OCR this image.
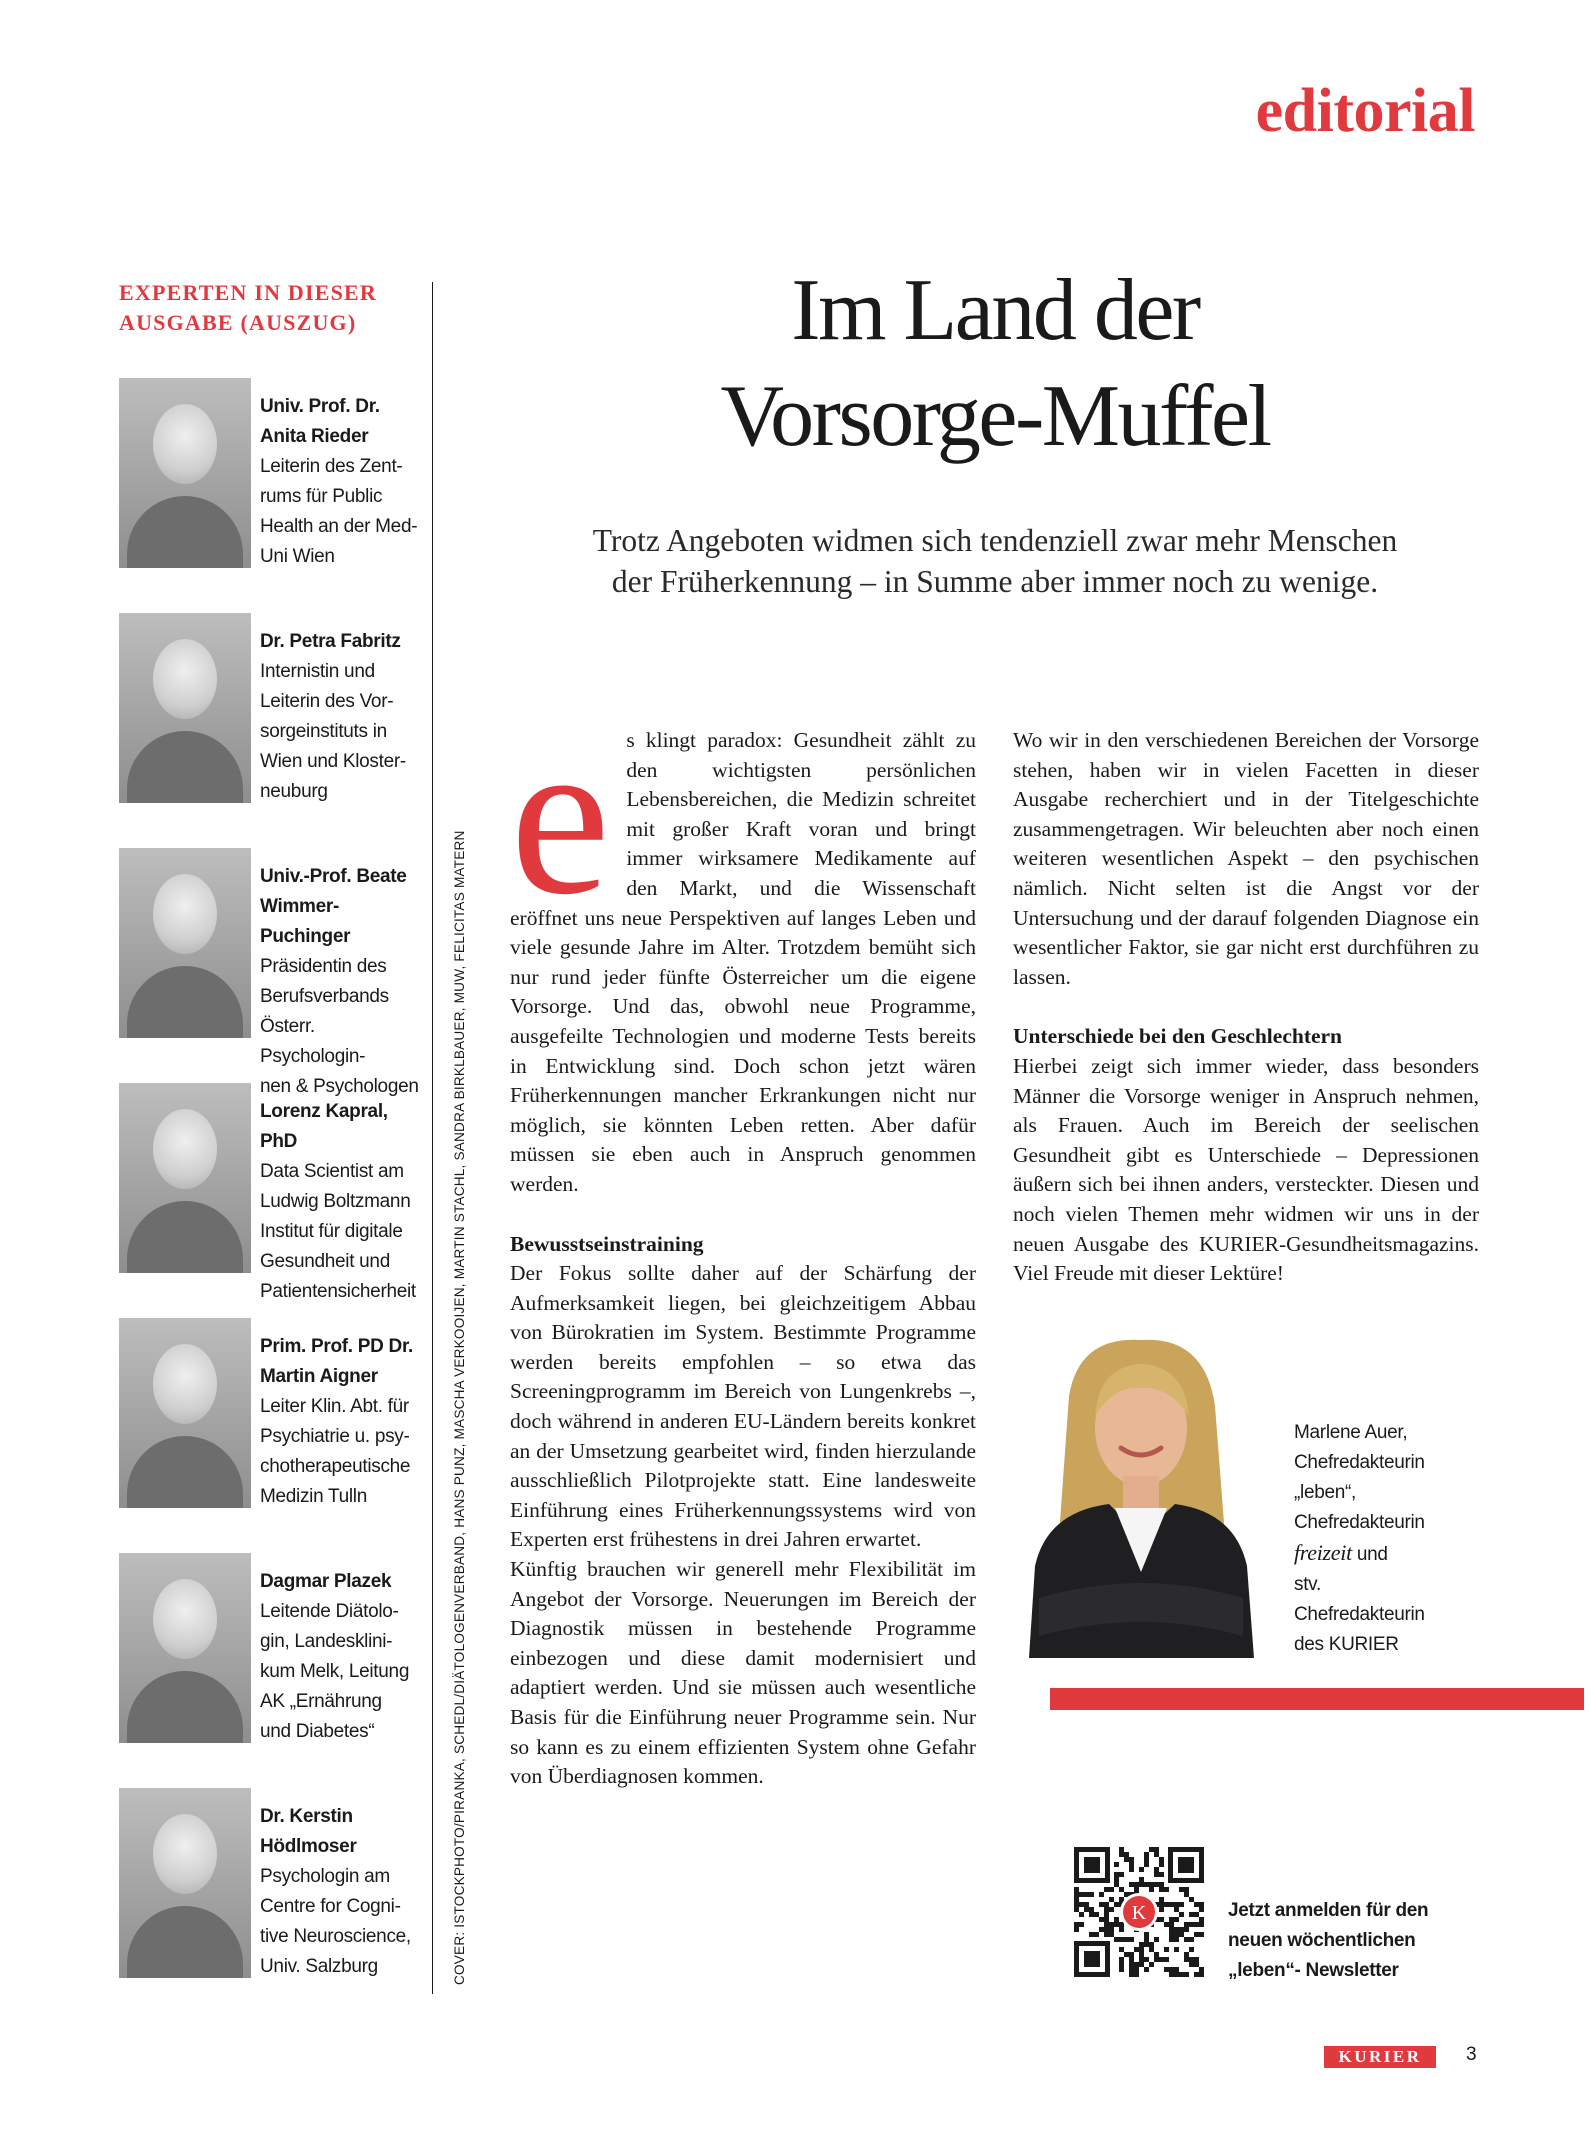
editorial
EXPERTEN IN DIESER
AUSGABE (AUSZUG)
Univ. Prof. Dr.
Anita Rieder
Leiterin des Zent-
rums für Public
Health an der Med-
Uni Wien
Dr. Petra Fabritz
Internistin und
Leiterin des Vor-
sorgeinstituts in
Wien und Kloster-
neuburg
Univ.-Prof. Beate
Wimmer-Puchinger
Präsidentin des
Berufsverbands
Österr. Psychologin-
nen & Psychologen
Lorenz Kapral, PhD
Data Scientist am
Ludwig Boltzmann
Institut für digitale
Gesundheit und
Patientensicherheit
Prim. Prof. PD Dr.
Martin Aigner
Leiter Klin. Abt. für
Psychiatrie u. psy-
chotherapeutische
Medizin Tulln
Dagmar Plazek
Leitende Diätolo-
gin, Landesklini-
kum Melk, Leitung
AK „Ernährung
und Diabetes“
Dr. Kerstin
Hödlmoser
Psychologin am
Centre for Cogni-
tive Neuroscience,
Univ. Salzburg	COVER: ISTOCKPHOTO/PIRANKA, SCHEDL/DIÄTOLOGENVERBAND, HANS PUNZ, MASCHA VERKOOIJEN, MARTIN STACHL, SANDRA BIRKLBAUER, MUW, FELICITAS MATERN
Im Land der
Vorsorge-Muffel
Trotz Angeboten widmen sich tendenziell zwar mehr Menschen
der Früherkennung – in Summe aber immer noch zu wenige.
e s klingt paradox: Gesundheit zählt zu den wichtigsten persönlichen Lebensbereichen, die Medizin schreitet mit großer Kraft voran und bringt immer wirksamere Medikamente auf den Markt, und die Wissenschaft eröffnet uns neue Perspektiven auf langes Leben und viele gesunde Jahre im Alter. Trotzdem bemüht sich nur rund jeder fünfte Österreicher um die eigene Vorsorge. Und das, obwohl neue Programme, ausgefeilte Technologien und moderne Tests bereits in Entwicklung sind. Doch schon jetzt wären Früherkennungen mancher Erkrankungen nicht nur möglich, sie könnten Leben retten. Aber dafür müssen sie eben auch in Anspruch genommen werden.
Bewusstseinstraining
Der Fokus sollte daher auf der Schärfung der Aufmerksamkeit liegen, bei gleichzeitigem Abbau von Bürokratien im System. Bestimmte Programme werden bereits empfohlen – so etwa das Screeningprogramm im Bereich von Lungenkrebs –, doch während in anderen EU-Ländern bereits konkret an der Umsetzung gearbeitet wird, finden hierzulande ausschließlich Pilotprojekte statt. Eine landesweite Einführung eines Früherkennungssystems wird von Experten erst frühestens in drei Jahren erwartet.
Künftig brauchen wir generell mehr Flexibilität im Angebot der Vorsorge. Neuerungen im Bereich der Diagnostik müssen in bestehende Programme einbezogen und diese damit modernisiert und adaptiert werden. Und sie müssen auch wesentliche Basis für die Einführung neuer Programme sein. Nur so kann es zu einem effizienten System ohne Gefahr von Überdiagnosen kommen.
Wo wir in den verschiedenen Bereichen der Vorsorge stehen, haben wir in vielen Facetten in dieser Ausgabe recherchiert und in der Titelgeschichte zusammengetragen. Wir beleuchten aber noch einen weiteren wesentlichen Aspekt – den psychischen nämlich. Nicht selten ist die Angst vor der Untersuchung und der darauf folgenden Diagnose ein wesentlicher Faktor, sie gar nicht erst durchführen zu lassen.
Unterschiede bei den Geschlechtern
Hierbei zeigt sich immer wieder, dass besonders Männer die Vorsorge weniger in Anspruch nehmen, als Frauen. Auch im Bereich der seelischen Gesundheit gibt es Unterschiede – Depressionen äußern sich bei ihnen anders, versteckter. Diesen und noch vielen Themen mehr widmen wir uns in der neuen Ausgabe des KURIER-Gesundheitsmagazins. Viel Freude mit dieser Lektüre!
Marlene Auer,
Chefredakteurin
„leben“,
Chefredakteurin
freizeit und
stv. Chefredakteurin
des KURIER
K	Jetzt anmelden für den
neuen wöchentlichen
„leben“- Newsletter
KURIER	3
